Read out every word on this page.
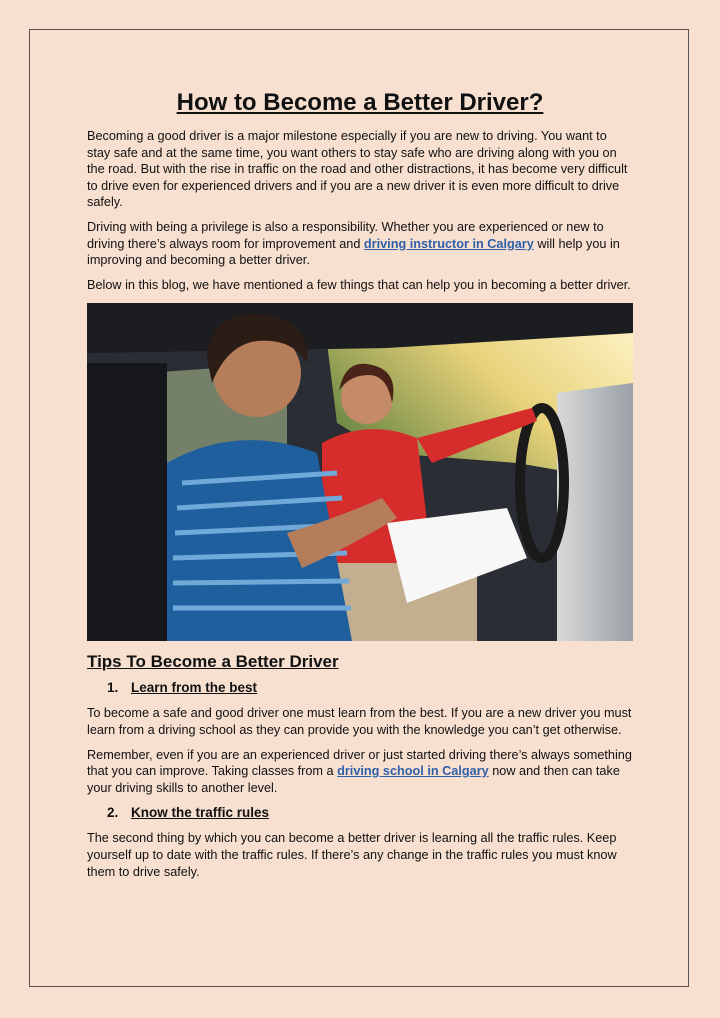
How to Become a Better Driver?

Becoming a good driver is a major milestone especially if you are new to driving. You want to stay safe and at the same time, you want others to stay safe who are driving along with you on the road. But with the rise in traffic on the road and other distractions, it has become very difficult to drive even for experienced drivers and if you are a new driver it is even more difficult to drive safely.

Driving with being a privilege is also a responsibility. Whether you are experienced or new to driving there’s always room for improvement and driving instructor in Calgary will help you in improving and becoming a better driver.

Below in this blog, we have mentioned a few things that can help you in becoming a better driver.

Tips To Become a Better Driver
1. Learn from the best

To become a safe and good driver one must learn from the best. If you are a new driver you must learn from a driving school as they can provide you with the knowledge you can’t get otherwise.

Remember, even if you are an experienced driver or just started driving there’s always something that you can improve. Taking classes from a driving school in Calgary now and then can take your driving skills to another level.

2. Know the traffic rules

The second thing by which you can become a better driver is learning all the traffic rules. Keep yourself up to date with the traffic rules. If there’s any change in the traffic rules you must know them to drive safely.
